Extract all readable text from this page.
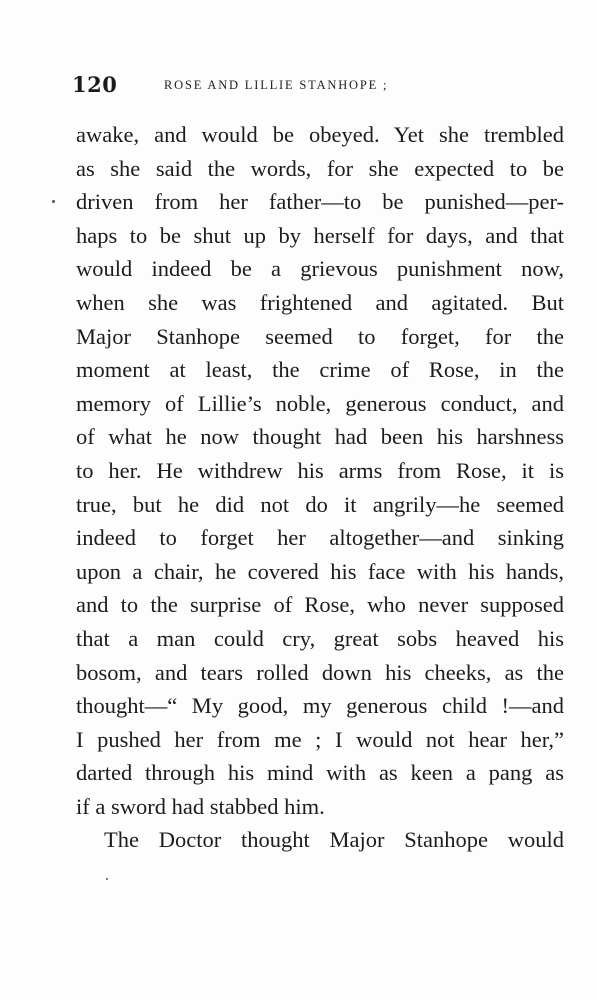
120	ROSE AND LILLIE STANHOPE ;
awake, and would be obeyed. Yet she trembled
as she said the words, for she expected to be
driven from her father—to be punished—per-
haps to be shut up by herself for days, and that
would indeed be a grievous punishment now,
when she was frightened and agitated. But
Major Stanhope seemed to forget, for the
moment at least, the crime of Rose, in the
memory of Lillie’s noble, generous conduct, and
of what he now thought had been his harshness
to her. He withdrew his arms from Rose, it is
true, but he did not do it angrily—he seemed
indeed to forget her altogether—and sinking
upon a chair, he covered his face with his hands,
and to the surprise of Rose, who never supposed
that a man could cry, great sobs heaved his
bosom, and tears rolled down his cheeks, as the
thought—“ My good, my generous child !—and
I pushed her from me ; I would not hear her,”
darted through his mind with as keen a pang as
if a sword had stabbed him.
The Doctor thought Major Stanhope would
